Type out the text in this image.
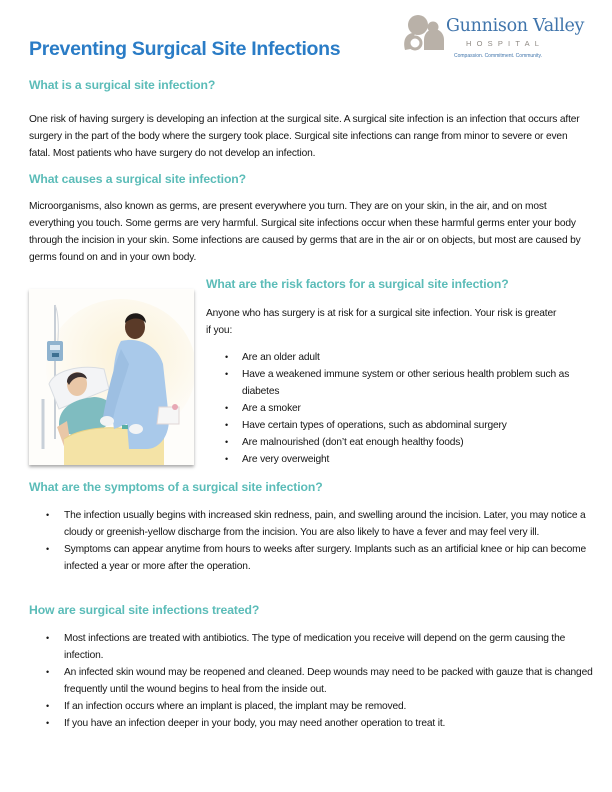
Gunnison Valley
HOSPITAL
Compassion. Commitment. Community.
Preventing Surgical Site Infections
What is a surgical site infection?

One risk of having surgery is developing an infection at the surgical site. A surgical site infection is an infection that occurs after surgery in the part of the body where the surgery took place. Surgical site infections can range from minor to severe or even fatal. Most patients who have surgery do not develop an infection.

What causes a surgical site infection?

Microorganisms, also known as germs, are present everywhere you turn. They are on your skin, in the air, and on most everything you touch. Some germs are very harmful. Surgical site infections occur when these harmful germs enter your body through the incision in your skin. Some infections are caused by germs that are in the air or on objects, but most are caused by germs found on and in your own body.

What are the risk factors for a surgical site infection?

Anyone who has surgery is at risk for a surgical site infection. Your risk is greater if you:

• Are an older adult
• Have a weakened immune system or other serious health problem such as diabetes
• Are a smoker
• Have certain types of operations, such as abdominal surgery
• Are malnourished (don’t eat enough healthy foods)
• Are very overweight
What are the symptoms of a surgical site infection?
• The infection usually begins with increased skin redness, pain, and swelling around the incision. Later, you may notice a cloudy or greenish-yellow discharge from the incision. You are also likely to have a fever and may feel very ill.
• Symptoms can appear anytime from hours to weeks after surgery. Implants such as an artificial knee or hip can become infected a year or more after the operation.
How are surgical site infections treated?
• Most infections are treated with antibiotics. The type of medication you receive will depend on the germ causing the infection.
• An infected skin wound may be reopened and cleaned. Deep wounds may need to be packed with gauze that is changed frequently until the wound begins to heal from the inside out.
• If an infection occurs where an implant is placed, the implant may be removed.
• If you have an infection deeper in your body, you may need another operation to treat it.
